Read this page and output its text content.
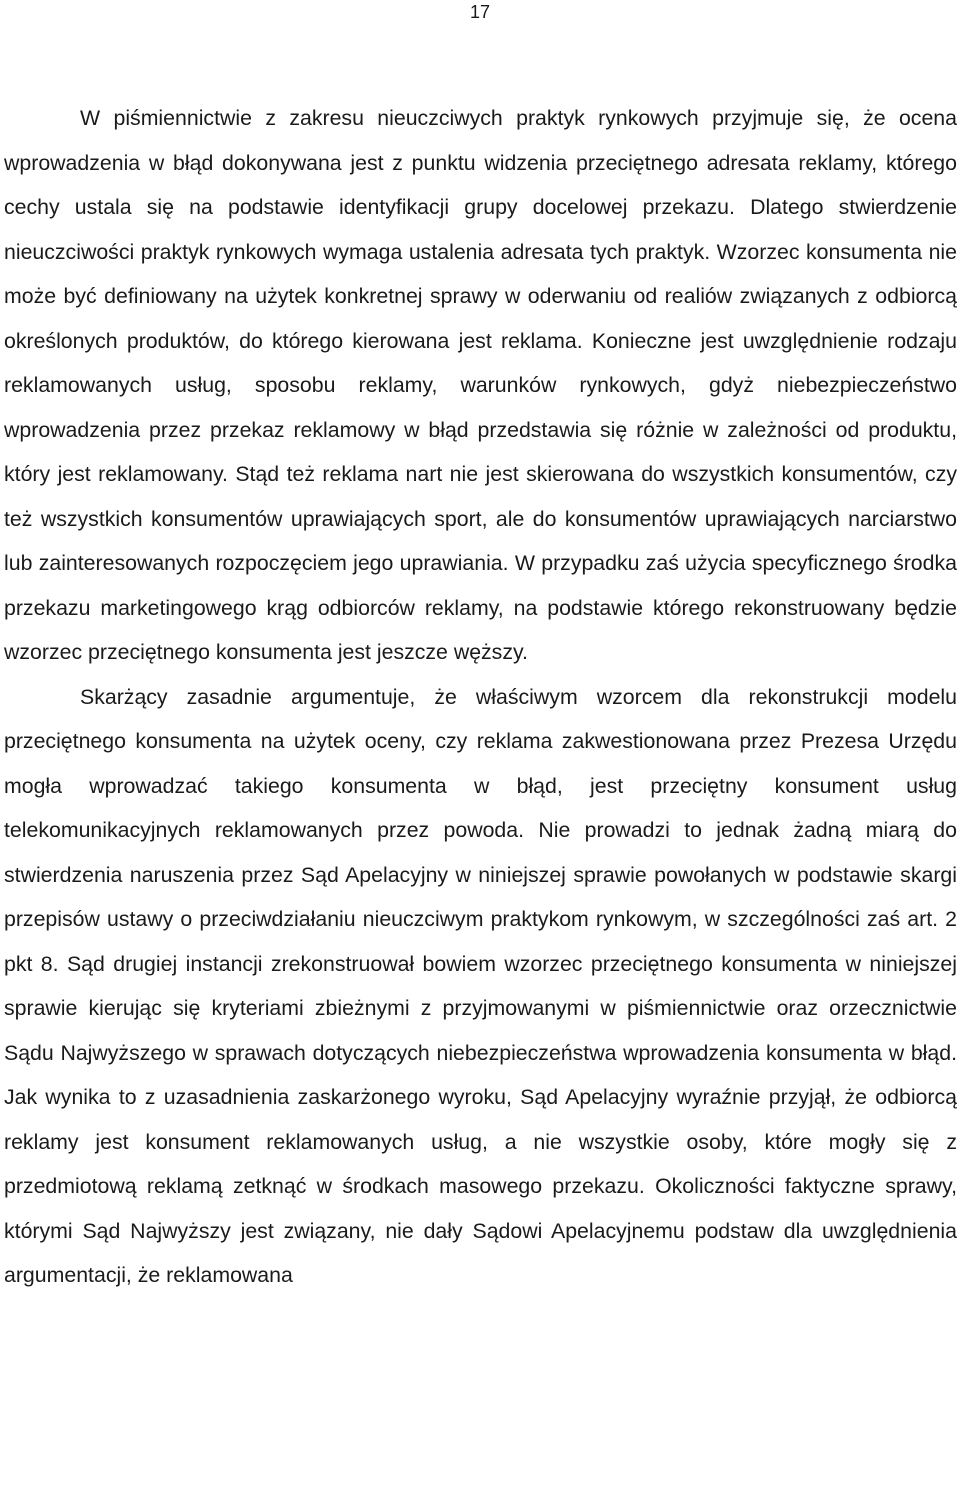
17

W piśmiennictwie z zakresu nieuczciwych praktyk rynkowych przyjmuje się, że ocena wprowadzenia w błąd dokonywana jest z punktu widzenia przeciętnego adresata reklamy, którego cechy ustala się na podstawie identyfikacji grupy docelowej przekazu. Dlatego stwierdzenie nieuczciwości praktyk rynkowych wymaga ustalenia adresata tych praktyk. Wzorzec konsumenta nie może być definiowany na użytek konkretnej sprawy w oderwaniu od realiów związanych z odbiorcą określonych produktów, do którego kierowana jest reklama. Konieczne jest uwzględnienie rodzaju reklamowanych usług, sposobu reklamy, warunków rynkowych, gdyż niebezpieczeństwo wprowadzenia przez przekaz reklamowy w błąd przedstawia się różnie w zależności od produktu, który jest reklamowany. Stąd też reklama nart nie jest skierowana do wszystkich konsumentów, czy też wszystkich konsumentów uprawiających sport, ale do konsumentów uprawiających narciarstwo lub zainteresowanych rozpoczęciem jego uprawiania. W przypadku zaś użycia specyficznego środka przekazu marketingowego krąg odbiorców reklamy, na podstawie którego rekonstruowany będzie wzorzec przeciętnego konsumenta jest jeszcze węższy.

Skarżący zasadnie argumentuje, że właściwym wzorcem dla rekonstrukcji modelu przeciętnego konsumenta na użytek oceny, czy reklama zakwestionowana przez Prezesa Urzędu mogła wprowadzać takiego konsumenta w błąd, jest przeciętny konsument usług telekomunikacyjnych reklamowanych przez powoda. Nie prowadzi to jednak żadną miarą do stwierdzenia naruszenia przez Sąd Apelacyjny w niniejszej sprawie powołanych w podstawie skargi przepisów ustawy o przeciwdziałaniu nieuczciwym praktykom rynkowym, w szczególności zaś art. 2 pkt 8. Sąd drugiej instancji zrekonstruował bowiem wzorzec przeciętnego konsumenta w niniejszej sprawie kierując się kryteriami zbieżnymi z przyjmowanymi w piśmiennictwie oraz orzecznictwie Sądu Najwyższego w sprawach dotyczących niebezpieczeństwa wprowadzenia konsumenta w błąd. Jak wynika to z uzasadnienia zaskarżonego wyroku, Sąd Apelacyjny wyraźnie przyjął, że odbiorcą reklamy jest konsument reklamowanych usług, a nie wszystkie osoby, które mogły się z przedmiotową reklamą zetknąć w środkach masowego przekazu. Okoliczności faktyczne sprawy, którymi Sąd Najwyższy jest związany, nie dały Sądowi Apelacyjnemu podstaw dla uwzględnienia argumentacji, że reklamowana
